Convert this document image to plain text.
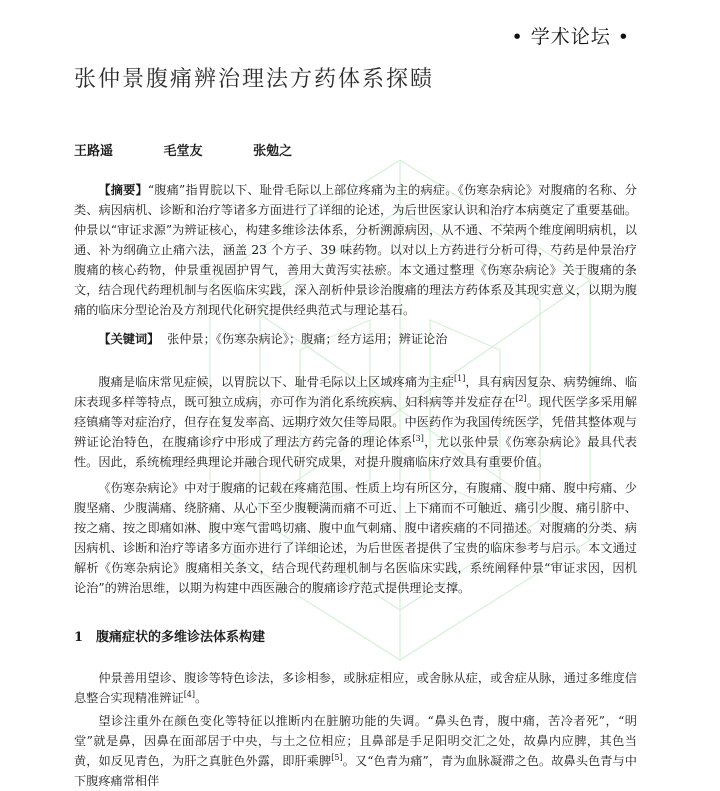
• 学术论坛 •
张仲景腹痛辨治理法方药体系探赜
王路遥	毛堂友	张勉之

【摘要】“腹痛”指胃脘以下、耻骨毛际以上部位疼痛为主的病症。《伤寒杂病论》对腹痛的名称、分类、病因病机、诊断和治疗等诸多方面进行了详细的论述，为后世医家认识和治疗本病奠定了重要基础。仲景以“审证求源”为辨证核心，构建多维诊法体系，分析溯源病因，从不通、不荣两个维度阐明病机，以通、补为纲确立止痛六法，涵盖 23 个方子、39 味药物。以对以上方药进行分析可得，芍药是仲景治疗腹痛的核心药物，仲景重视固护胃气，善用大黄泻实祛瘀。本文通过整理《伤寒杂病论》关于腹痛的条文，结合现代药理机制与名医临床实践，深入剖析仲景诊治腹痛的理法方药体系及其现实意义，以期为腹痛的临床分型论治及方剂现代化研究提供经典范式与理论基石。

【关键词】 张仲景；《伤寒杂病论》；腹痛；经方运用；辨证论治

腹痛是临床常见症候，以胃脘以下、耻骨毛际以上区域疼痛为主症[1]，具有病因复杂、病势缠绵、临床表现多样等特点，既可独立成病，亦可作为消化系统疾病、妇科病等并发症存在[2]。现代医学多采用解痉镇痛等对症治疗，但存在复发率高、远期疗效欠佳等局限。中医药作为我国传统医学，凭借其整体观与辨证论治特色，在腹痛诊疗中形成了理法方药完备的理论体系[3]，尤以张仲景《伤寒杂病论》最具代表性。因此，系统梳理经典理论并融合现代研究成果，对提升腹痛临床疗效具有重要价值。

《伤寒杂病论》中对于腹痛的记载在疼痛范围、性质上均有所区分，有腹痛、腹中痛、腹中疞痛、少腹坚痛、少腹满痛、绕脐痛、从心下至少腹鞕满而痛不可近、上下痛而不可触近、痛引少腹、痛引脐中、按之痛、按之即痛如淋、腹中寒气雷鸣切痛、腹中血气刺痛、腹中诸疾痛的不同描述。对腹痛的分类、病因病机、诊断和治疗等诸多方面亦进行了详细论述，为后世医者提供了宝贵的临床参考与启示。本文通过解析《伤寒杂病论》腹痛相关条文，结合现代药理机制与名医临床实践，系统阐释仲景“审证求因，因机论治”的辨治思维，以期为构建中西医融合的腹痛诊疗范式提供理论支撑。

1　腹痛症状的多维诊法体系构建

仲景善用望诊、腹诊等特色诊法，多诊相参，或脉症相应，或舍脉从症，或舍症从脉，通过多维度信息整合实现精准辨证[4]。

望诊注重外在颜色变化等特征以推断内在脏腑功能的失调。“鼻头色青，腹中痛，苦冷者死”，“明堂”就是鼻，因鼻在面部居于中央，与土之位相应；且鼻部是手足阳明交汇之处，故鼻内应脾，其色当黄，如反见青色，为肝之真脏色外露，即肝乘脾[5]。又“色青为痛”，青为血脉凝滞之色。故鼻头色青与中下腹疼痛常相伴
